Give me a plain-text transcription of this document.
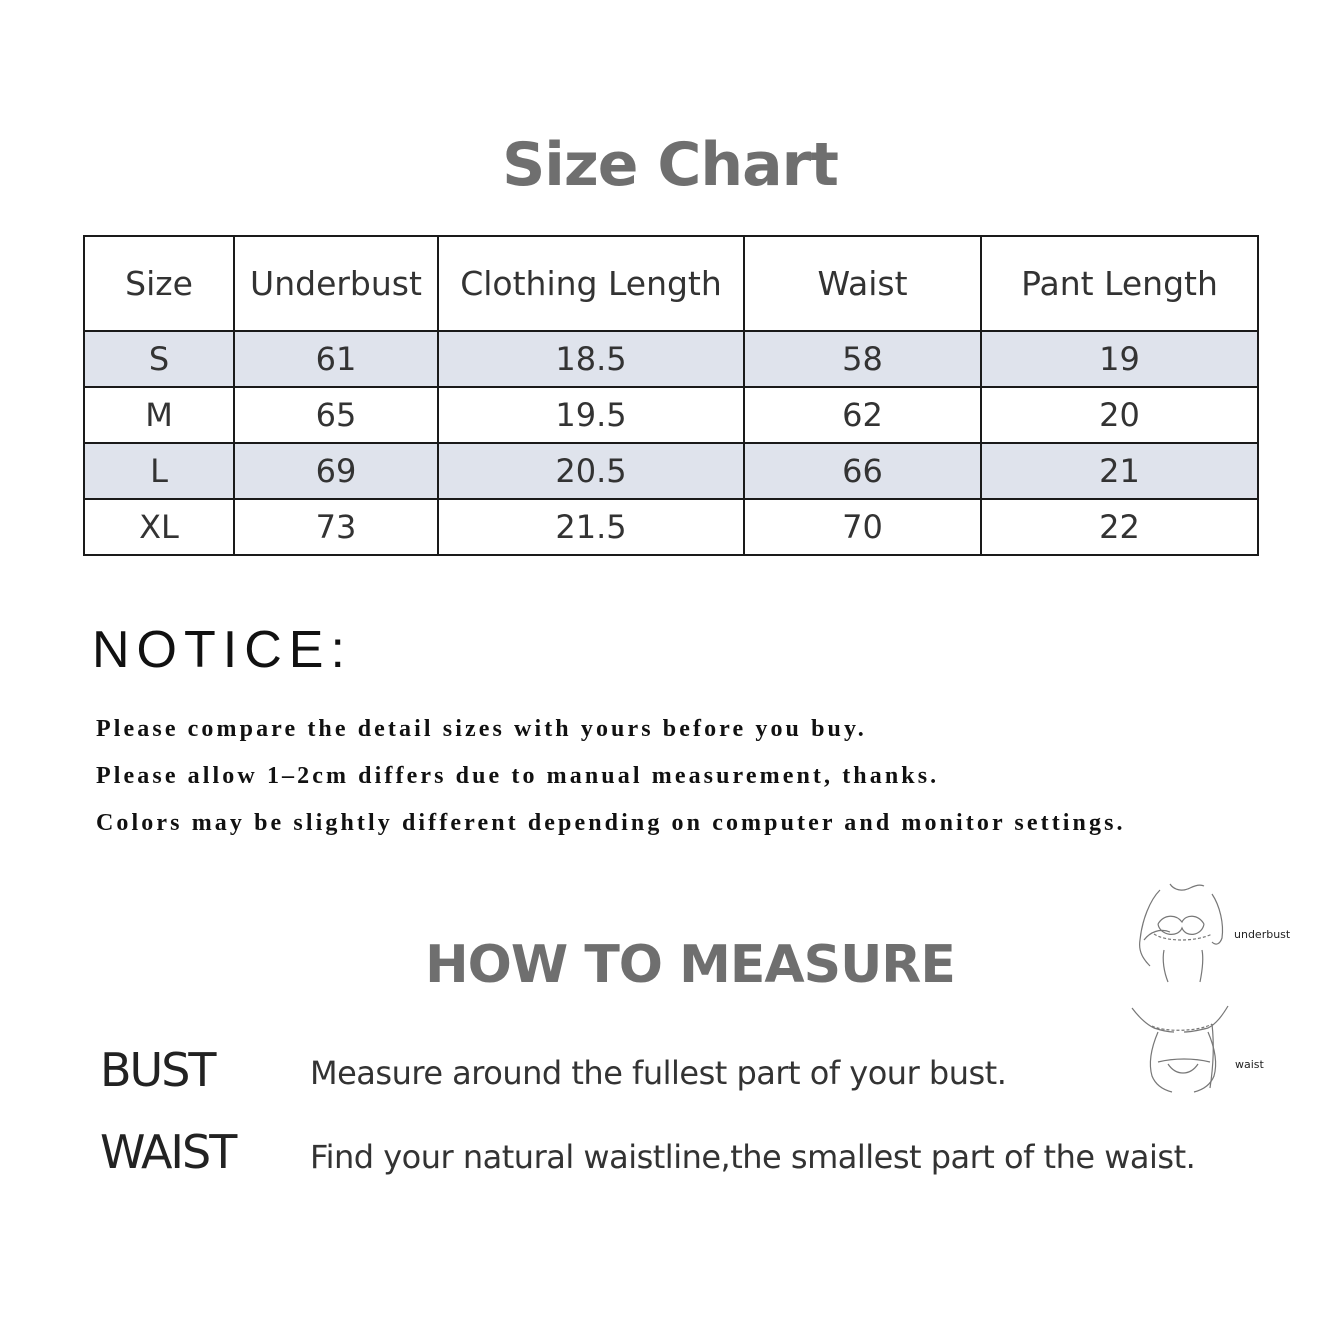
Size Chart
Size	Underbust	Clothing Length	Waist	Pant Length
S	61	18.5	58	19
M	65	19.5	62	20
L	69	20.5	66	21
XL	73	21.5	70	22
NOTICE:
Please compare the detail sizes with yours before you buy.
Please allow 1–2cm differs due to manual measurement, thanks.
Colors may be slightly different depending on computer and monitor settings.
HOW TO MEASURE
BUST	Measure around the fullest part of your bust.
WAIST Find your natural waistline,the smallest part of the waist.
underbust
waist
